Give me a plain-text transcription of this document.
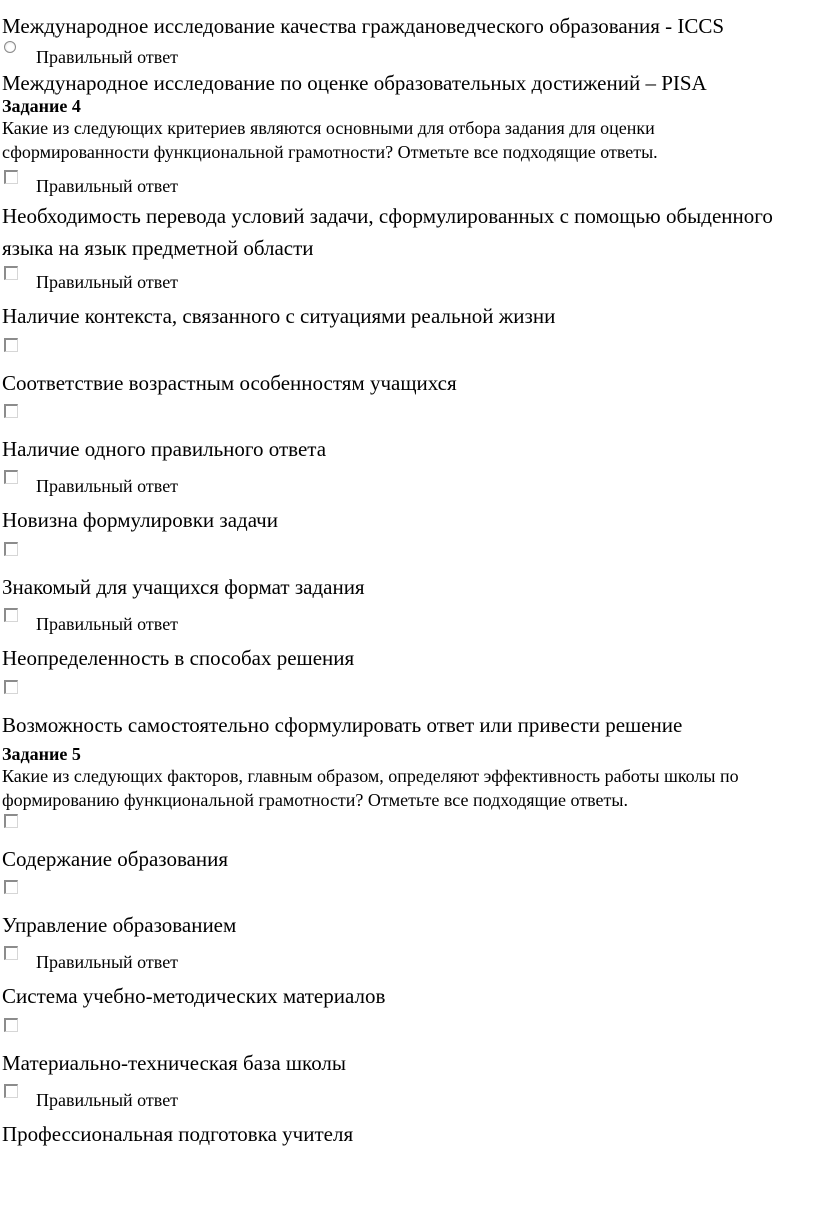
Международное исследование качества граждановедческого образования - ICCS
Правильный ответ
Международное исследование по оценке образовательных достижений – PISA
Задание 4
Какие из следующих критериев являются основными для отбора задания для оценки сформированности функциональной грамотности? Отметьте все подходящие ответы.
Правильный ответ
Необходимость перевода условий задачи, сформулированных с помощью обыденного языка на язык предметной области
Правильный ответ
Наличие контекста, связанного с ситуациями реальной жизни
Соответствие возрастным особенностям учащихся
Наличие одного правильного ответа
Правильный ответ
Новизна формулировки задачи
Знакомый для учащихся формат задания
Правильный ответ
Неопределенность в способах решения
Возможность самостоятельно сформулировать ответ или привести решение
Задание 5
Какие из следующих факторов, главным образом, определяют эффективность работы школы по формированию функциональной грамотности? Отметьте все подходящие ответы.
Содержание образования
Управление образованием
Правильный ответ
Система учебно-методических материалов
Материально-техническая база школы
Правильный ответ
Профессиональная подготовка учителя
